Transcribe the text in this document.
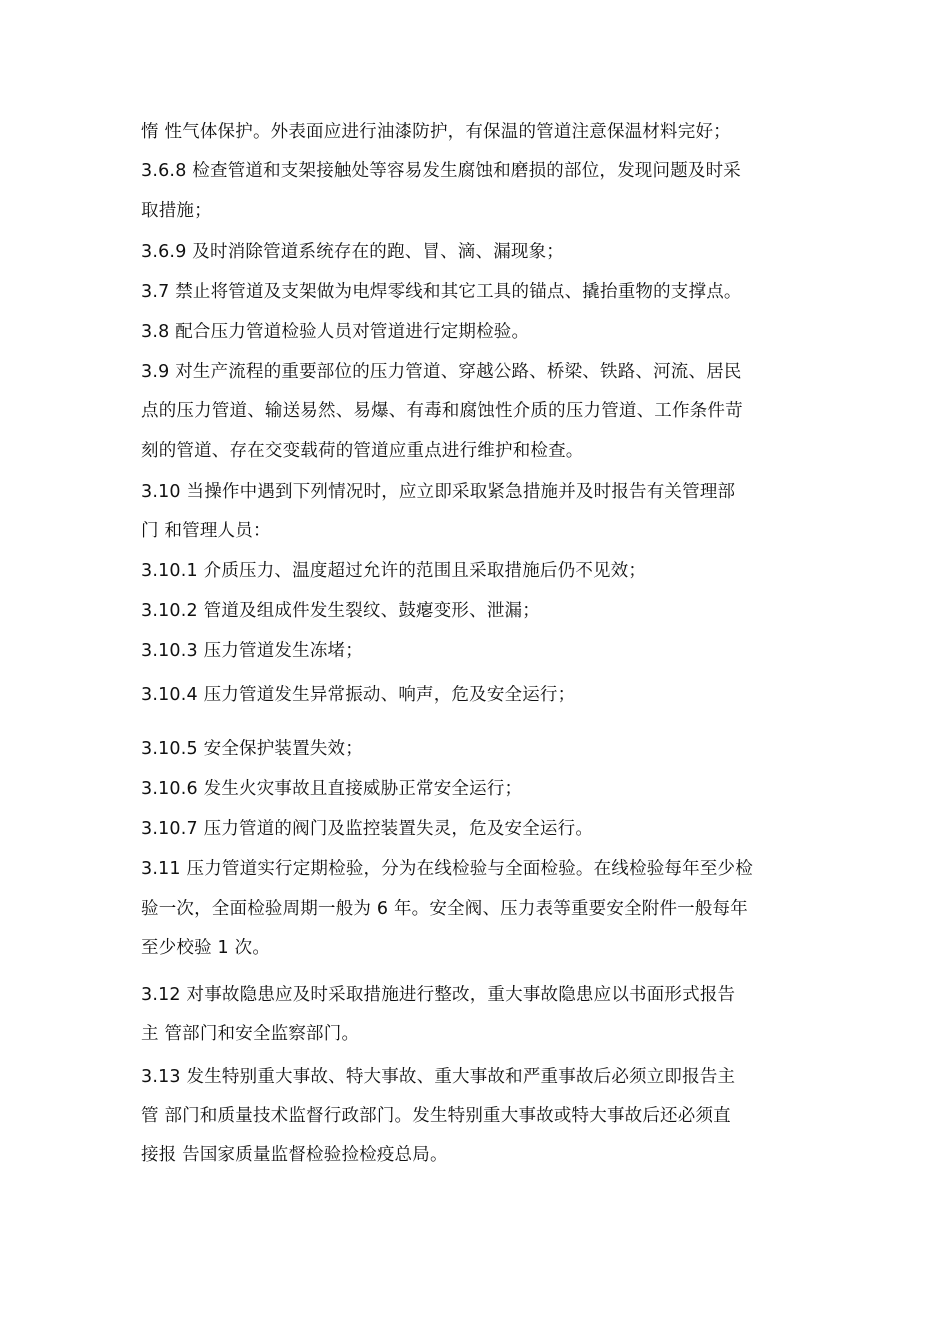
惰 性气体保护。外表面应进行油漆防护，有保温的管道注意保温材料完好；
3.6.8 检查管道和支架接触处等容易发生腐蚀和磨损的部位，发现问题及时采
取措施；
3.6.9 及时消除管道系统存在的跑、冒、滴、漏现象；
3.7 禁止将管道及支架做为电焊零线和其它工具的锚点、撬抬重物的支撑点。
3.8 配合压力管道检验人员对管道进行定期检验。
3.9 对生产流程的重要部位的压力管道、穿越公路、桥梁、铁路、河流、居民
点的压力管道、输送易然、易爆、有毒和腐蚀性介质的压力管道、工作条件苛
刻的管道、存在交变载荷的管道应重点进行维护和检查。
3.10 当操作中遇到下列情况时，应立即采取紧急措施并及时报告有关管理部
门 和管理人员：
3.10.1 介质压力、温度超过允许的范围且采取措施后仍不见效；
3.10.2 管道及组成件发生裂纹、鼓瘪变形、泄漏；
3.10.3 压力管道发生冻堵；
3.10.4 压力管道发生异常振动、响声，危及安全运行；
3.10.5 安全保护装置失效；
3.10.6 发生火灾事故且直接威胁正常安全运行；
3.10.7 压力管道的阀门及监控装置失灵，危及安全运行。
3.11 压力管道实行定期检验，分为在线检验与全面检验。在线检验每年至少检
验一次，全面检验周期一般为 6 年。安全阀、压力表等重要安全附件一般每年
至少校验 1 次。
3.12 对事故隐患应及时采取措施进行整改，重大事故隐患应以书面形式报告
主 管部门和安全监察部门。
3.13 发生特别重大事故、特大事故、重大事故和严重事故后必须立即报告主
管 部门和质量技术监督行政部门。发生特别重大事故或特大事故后还必须直
接报 告国家质量监督检验捡检疫总局。
